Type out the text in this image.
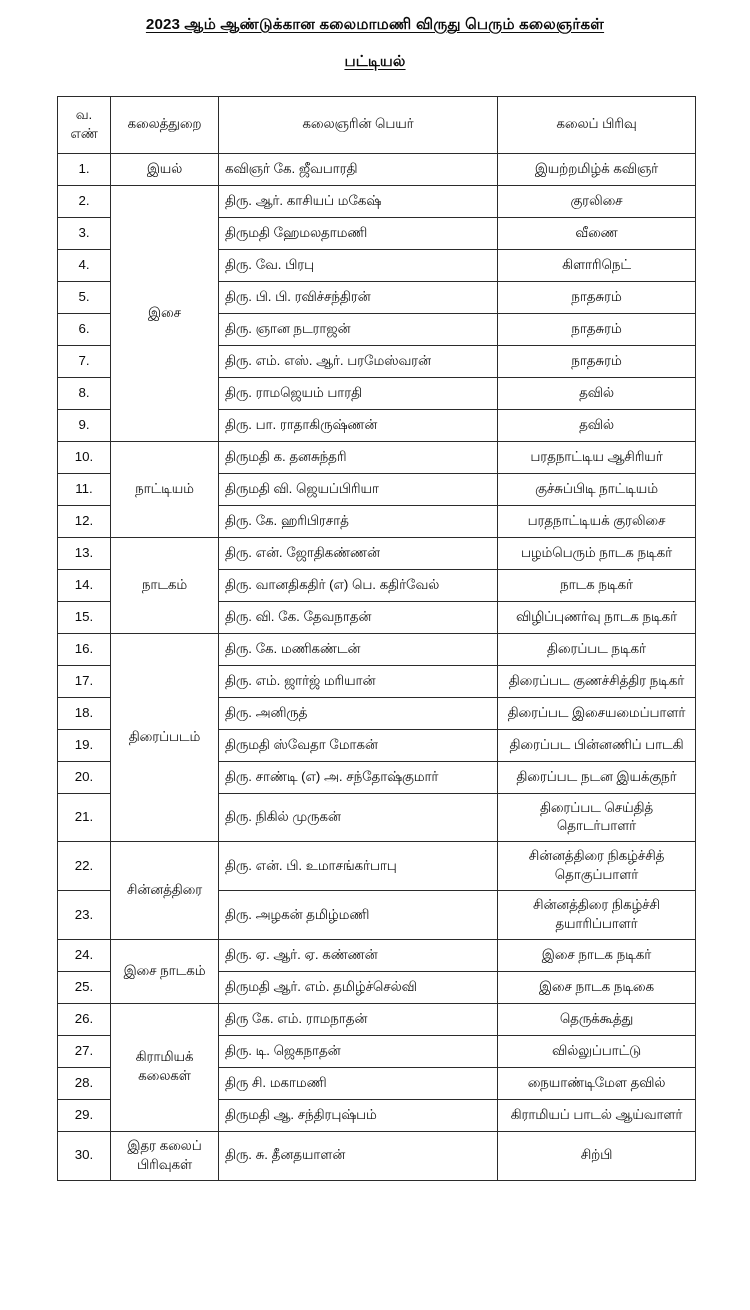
2023 ஆம் ஆண்டுக்கான கலைமாமணி விருது பெரும் கலைஞர்கள்
பட்டியல்
வ. எண்	கலைத்துறை	கலைஞரின் பெயர்	கலைப் பிரிவு
1.	இயல்	கவிஞர் கே. ஜீவபாரதி	இயற்றமிழ்க் கவிஞர்
2.	இசை	திரு. ஆர். காசியப் மகேஷ்	குரலிசை
3.		திருமதி ஹேமலதாமணி	வீணை
4.		திரு. வே. பிரபு	கிளாரிநெட்
5.		திரு. பி. பி. ரவிச்சந்திரன்	நாதசுரம்
6.		திரு. ஞான நடராஜன்	நாதசுரம்
7.		திரு. எம். எஸ். ஆர். பரமேஸ்வரன்	நாதசுரம்
8.		திரு. ராமஜெயம் பாரதி	தவில்
9.		திரு. பா. ராதாகிருஷ்ணன்	தவில்
10.	நாட்டியம்	திருமதி க. தனசுந்தரி	பரதநாட்டிய ஆசிரியர்
11.		திருமதி வி. ஜெயப்பிரியா	குச்சுப்பிடி நாட்டியம்
12.		திரு. கே. ஹரிபிரசாத்	பரதநாட்டியக் குரலிசை
13.	நாடகம்	திரு. என். ஜோதிகண்ணன்	பழம்பெரும் நாடக நடிகர்
14.		திரு. வானதிகதிர் (எ) பெ. கதிர்வேல்	நாடக நடிகர்
15.		திரு. வி. கே. தேவநாதன்	விழிப்புணர்வு நாடக நடிகர்
16.	திரைப்படம்	திரு. கே. மணிகண்டன்	திரைப்பட நடிகர்
17.		திரு. எம். ஜார்ஜ் மரியான்	திரைப்பட குணச்சித்திர நடிகர்
18.		திரு. அனிருத்	திரைப்பட இசையமைப்பாளர்
19.		திருமதி ஸ்வேதா மோகன்	திரைப்பட பின்னணிப் பாடகி
20.		திரு. சாண்டி (எ) அ. சந்தோஷ்குமார்	திரைப்பட நடன இயக்குநர்
21.		திரு. நிகில் முருகன்	திரைப்பட செய்தித் தொடர்பாளர்
22.	சின்னத்திரை	திரு. என். பி. உமாசங்கர்பாபு	சின்னத்திரை நிகழ்ச்சித் தொகுப்பாளர்
23.		திரு. அழகன் தமிழ்மணி	சின்னத்திரை நிகழ்ச்சி தயாரிப்பாளர்
24.	இசை நாடகம்	திரு. ஏ. ஆர். ஏ. கண்ணன்	இசை நாடக நடிகர்
25.		திருமதி ஆர். எம். தமிழ்ச்செல்வி	இசை நாடக நடிகை
26.	கிராமியக் கலைகள்	திரு கே. எம். ராமநாதன்	தெருக்கூத்து
27.		திரு. டி. ஜெகநாதன்	வில்லுப்பாட்டு
28.		திரு சி. மகாமணி	நையாண்டிமேள தவில்
29.		திருமதி ஆ. சந்திரபுஷ்பம்	கிராமியப் பாடல் ஆய்வாளர்
30.	இதர கலைப் பிரிவுகள்	திரு. சு. தீனதயாளன்	சிற்பி
